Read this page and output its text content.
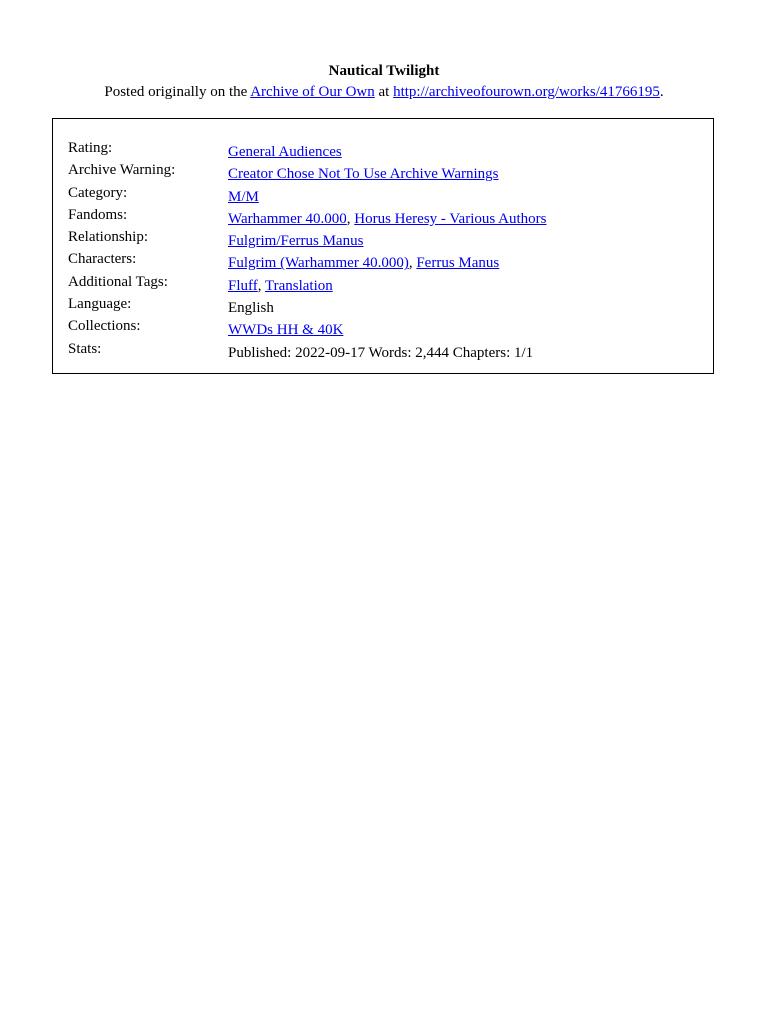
Nautical Twilight
Posted originally on the Archive of Our Own at http://archiveofourown.org/works/41766195.
Rating:	General Audiences
Archive Warning:	Creator Chose Not To Use Archive Warnings
Category:	M/M
Fandoms:	Warhammer 40.000, Horus Heresy - Various Authors
Relationship:	Fulgrim/Ferrus Manus
Characters:	Fulgrim (Warhammer 40.000), Ferrus Manus
Additional Tags:	Fluff, Translation
Language:	English
Collections:	WWDs HH & 40K
Stats:	Published: 2022-09-17 Words: 2,444 Chapters: 1/1
